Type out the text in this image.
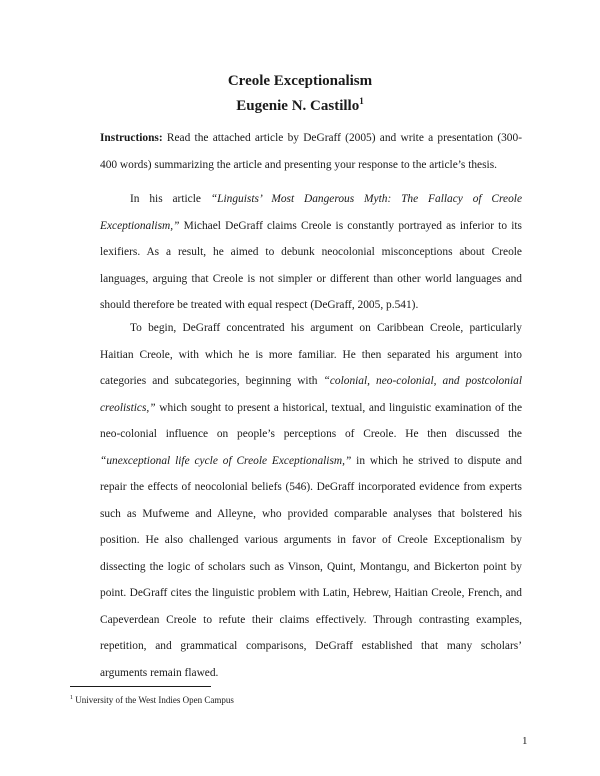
Creole Exceptionalism
Eugenie N. Castillo$^1$
Instructions: Read the attached article by DeGraff (2005) and write a presentation (300-400 words) summarizing the article and presenting your response to the article’s thesis.
In his article “Linguists’ Most Dangerous Myth: The Fallacy of Creole Exceptionalism,” Michael DeGraff claims Creole is constantly portrayed as inferior to its lexifiers. As a result, he aimed to debunk neocolonial misconceptions about Creole languages, arguing that Creole is not simpler or different than other world languages and should therefore be treated with equal respect (DeGraff, 2005, p.541).
To begin, DeGraff concentrated his argument on Caribbean Creole, particularly Haitian Creole, with which he is more familiar. He then separated his argument into categories and subcategories, beginning with “colonial, neo-colonial, and postcolonial creolistics,” which sought to present a historical, textual, and linguistic examination of the neo-colonial influence on people’s perceptions of Creole. He then discussed the “unexceptional life cycle of Creole Exceptionalism,” in which he strived to dispute and repair the effects of neocolonial beliefs (546). DeGraff incorporated evidence from experts such as Mufweme and Alleyne, who provided comparable analyses that bolstered his position. He also challenged various arguments in favor of Creole Exceptionalism by dissecting the logic of scholars such as Vinson, Quint, Montangu, and Bickerton point by point. DeGraff cites the linguistic problem with Latin, Hebrew, Haitian Creole, French, and Capeverdean Creole to refute their claims effectively. Through contrasting examples, repetition, and grammatical comparisons, DeGraff established that many scholars’ arguments remain flawed.
$^1$ University of the West Indies Open Campus
1
